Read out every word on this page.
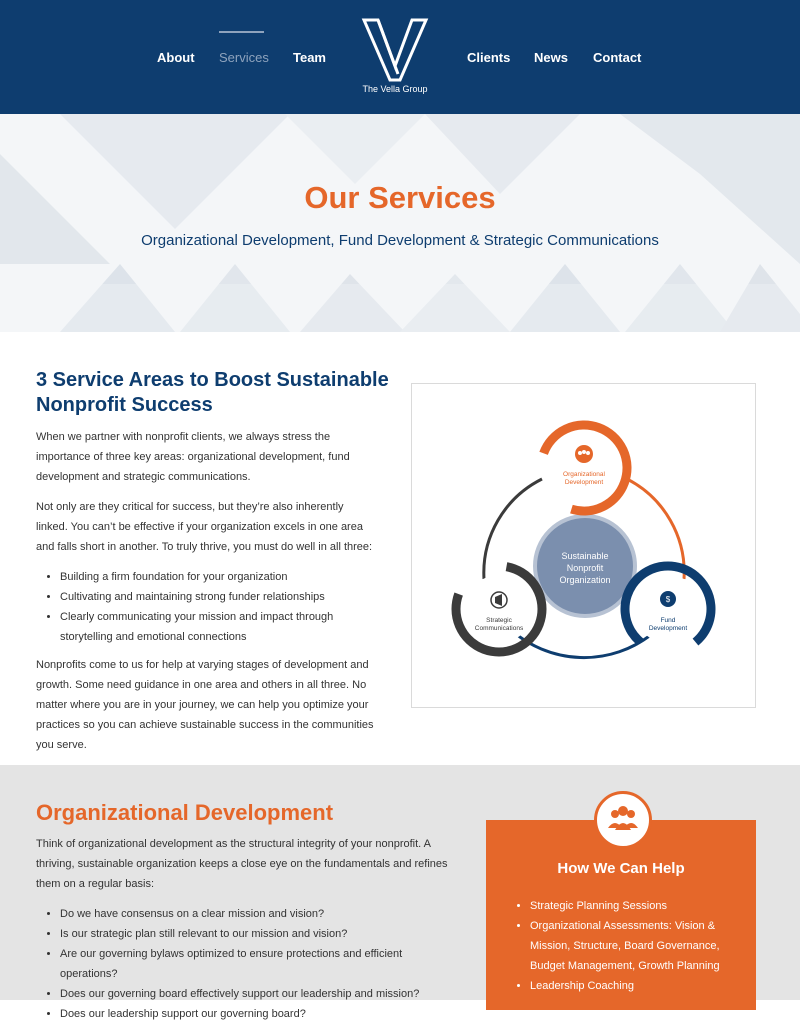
About Services Team
The Vella Group
Clients News Contact
Our Services

Organizational Development, Fund Development & Strategic Communications

3 Service Areas to Boost Sustainable Nonprofit Success

When we partner with nonprofit clients, we always stress the importance of three key areas: organizational development, fund development and strategic communications.

Not only are they critical for success, but they’re also inherently linked. You can’t be effective if your organization excels in one area and falls short in another. To truly thrive, you must do well in all three:

• Building a firm foundation for your organization
• Cultivating and maintaining strong funder relationships
• Clearly communicating your mission and impact through storytelling and emotional connections

Nonprofits come to us for help at varying stages of development and growth. Some need guidance in one area and others in all three. No matter where you are in your journey, we can help you optimize your practices so you can achieve sustainable success in the communities you serve.

Sustainable
Nonprofit
Organization
Organizational
Development
$
Fund
Development
Strategic
Communications
Organizational Development

Think of organizational development as the structural integrity of your nonprofit. A thriving, sustainable organization keeps a close eye on the fundamentals and refines them on a regular basis:

• Do we have consensus on a clear mission and vision?
• Is our strategic plan still relevant to our mission and vision?
• Are our governing bylaws optimized to ensure protections and efficient operations?
• Does our governing board effectively support our leadership and mission?
• Does our leadership support our governing board?
How We Can Help
• Strategic Planning Sessions
• Organizational Assessments: Vision & Mission, Structure, Board Governance, Budget Management, Growth Planning
• Leadership Coaching
